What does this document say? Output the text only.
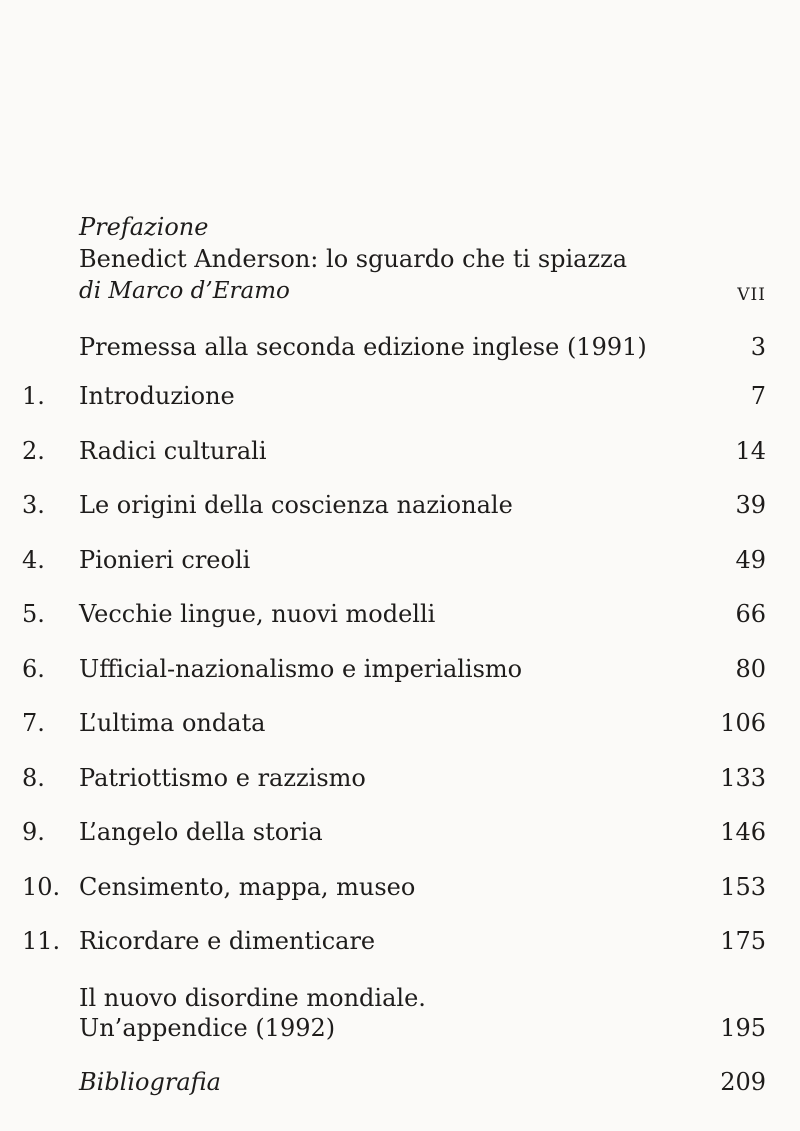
Prefazione
Benedict Anderson: lo sguardo che ti spiazza
di Marco d’Eramo	VII
Premessa alla seconda edizione inglese (1991)	3
1. Introduzione	7
2. Radici culturali	14
3. Le origini della coscienza nazionale	39
4. Pionieri creoli	49
5. Vecchie lingue, nuovi modelli	66
6. Ufficial-nazionalismo e imperialismo	80
7. L’ultima ondata	106
8. Patriottismo e razzismo	133
9. L’angelo della storia	146
10. Censimento, mappa, museo	153
11. Ricordare e dimenticare	175
Il nuovo disordine mondiale.
Un’appendice (1992)	195
Bibliografia	209
